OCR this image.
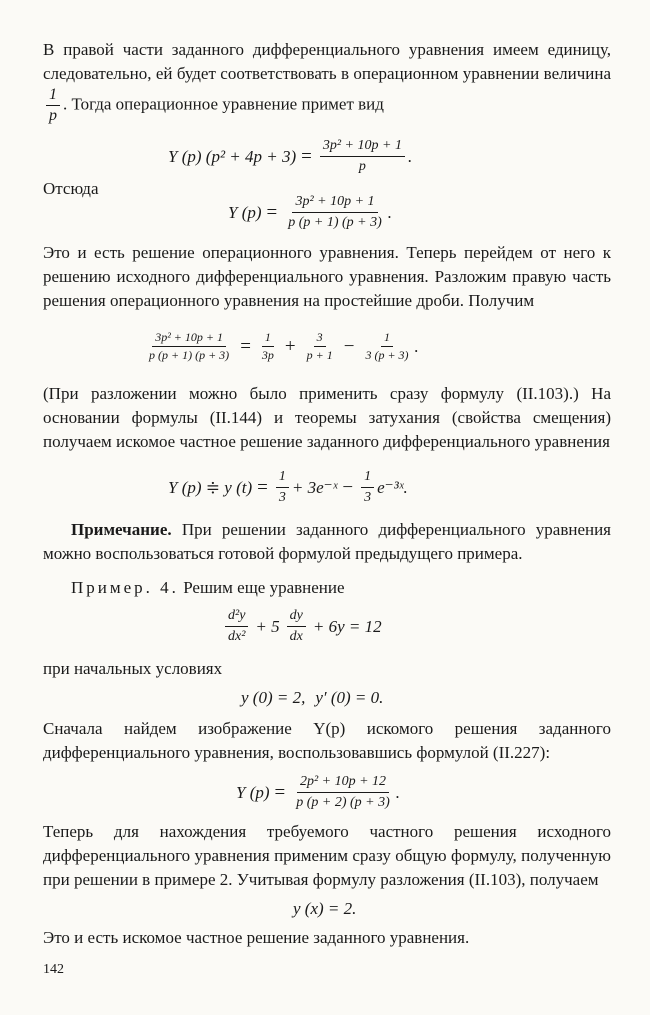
В правой части заданного дифференциального уравнения имеем единицу, следовательно, ей будет соответствовать в операционном уравнении величина
$\frac{1}{p}$ . Тогда операционное уравнение примет вид

Y (p) $(p^2 + 4p + 3) = \frac{\text{3p² + 10p + 1}}{p}$ .

Отсюда

Y $(p) = \frac{\text{3p² + 10p + 1}}{p (p + 1) (p + 3)}$ .

Это и есть решение операционного уравнения. Теперь перейдем от него к решению исходного дифференциального уравнения. Разложим правую часть решения операционного уравнения на простейшие дроби. Получим

$\frac{\text{3p² + 10p + 1}}{p (p + 1) (p + 3)} = \frac{1}{3p} + \frac{3}{p + 1} - \frac{1}{3 (p + 3)}$ .

(При разложении можно было применить сразу формулу (II.103).) На основании формулы (II.144) и теоремы затухания (свойства смещения) получаем искомое частное решение заданного дифференциального уравнения

Y (p) ≑ y $(t) = \frac{1}{3}$ + 3e⁻ˣ − $\frac{1}{3}$ e⁻³ˣ.

Примечание. При решении заданного дифференциального уравнения можно воспользоваться готовой формулой предыдущего примера.

Пример. 4. Решим еще уравнение

$\frac{\text{d²y}}{\text{dx²}} + 5 \frac{dy}{dx} + 6y = 12$

при начальных условиях

y (0) = 2, y′ (0) = 0.

Сначала найдем изображение Y(p) искомого решения заданного дифференциального уравнения, воспользовавшись формулой (II.227):

Y $(p) = \frac{\text{2p² + 10p + 12}}{p (p + 2) (p + 3)}$ .

Теперь для нахождения требуемого частного решения исходного дифференциального уравнения применим сразу общую формулу, полученную при решении в примере 2. Учитывая формулу разложения (II.103), получаем

y (x) = 2.

Это и есть искомое частное решение заданного уравнения.

142
